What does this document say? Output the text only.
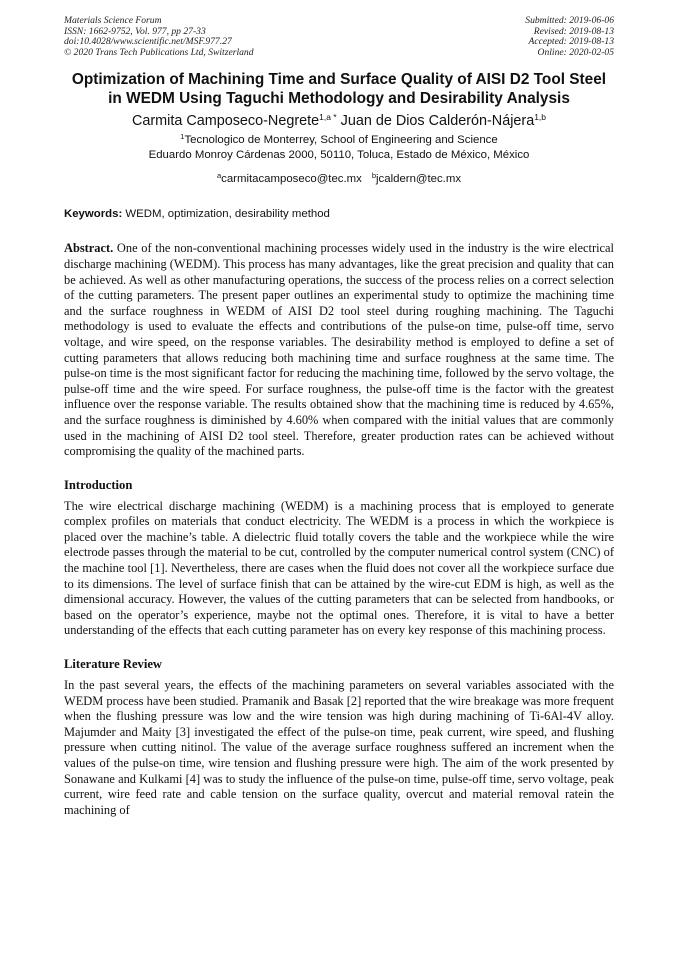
Materials Science Forum
ISSN: 1662-9752, Vol. 977, pp 27-33
doi:10.4028/www.scientific.net/MSF.977.27
© 2020 Trans Tech Publications Ltd, Switzerland
Submitted: 2019-06-06
Revised: 2019-08-13
Accepted: 2019-08-13
Online: 2020-02-05
Optimization of Machining Time and Surface Quality of AISI D2 Tool Steel in WEDM Using Taguchi Methodology and Desirability Analysis
Carmita Camposeco-Negrete$^{1,a *}$ Juan de Dios Calderón-Nájera$^{1,b}$
$^1$Tecnologico de Monterrey, School of Engineering and Science
Eduardo Monroy Cárdenas 2000, 50110, Toluca, Estado de México, México
$^a$carmitacamposeco@tec.mx $^b$jcaldern@tec.mx
Keywords: WEDM, optimization, desirability method
Abstract. One of the non-conventional machining processes widely used in the industry is the wire electrical discharge machining (WEDM). This process has many advantages, like the great precision and quality that can be achieved. As well as other manufacturing operations, the success of the process relies on a correct selection of the cutting parameters. The present paper outlines an experimental study to optimize the machining time and the surface roughness in WEDM of AISI D2 tool steel during roughing machining. The Taguchi methodology is used to evaluate the effects and contributions of the pulse-on time, pulse-off time, servo voltage, and wire speed, on the response variables. The desirability method is employed to define a set of cutting parameters that allows reducing both machining time and surface roughness at the same time. The pulse-on time is the most significant factor for reducing the machining time, followed by the servo voltage, the pulse-off time and the wire speed. For surface roughness, the pulse-off time is the factor with the greatest influence over the response variable. The results obtained show that the machining time is reduced by 4.65%, and the surface roughness is diminished by 4.60% when compared with the initial values that are commonly used in the machining of AISI D2 tool steel. Therefore, greater production rates can be achieved without compromising the quality of the machined parts.
Introduction

The wire electrical discharge machining (WEDM) is a machining process that is employed to generate complex profiles on materials that conduct electricity. The WEDM is a process in which the workpiece is placed over the machine’s table. A dielectric fluid totally covers the table and the workpiece while the wire electrode passes through the material to be cut, controlled by the computer numerical control system (CNC) of the machine tool [1]. Nevertheless, there are cases when the fluid does not cover all the workpiece surface due to its dimensions. The level of surface finish that can be attained by the wire-cut EDM is high, as well as the dimensional accuracy. However, the values of the cutting parameters that can be selected from handbooks, or based on the operator’s experience, maybe not the optimal ones. Therefore, it is vital to have a better understanding of the effects that each cutting parameter has on every key response of this machining process.

Literature Review

In the past several years, the effects of the machining parameters on several variables associated with the WEDM process have been studied. Pramanik and Basak [2] reported that the wire breakage was more frequent when the flushing pressure was low and the wire tension was high during machining of Ti-6Al-4V alloy. Majumder and Maity [3] investigated the effect of the pulse-on time, peak current, wire speed, and flushing pressure when cutting nitinol. The value of the average surface roughness suffered an increment when the values of the pulse-on time, wire tension and flushing pressure were high. The aim of the work presented by Sonawane and Kulkami [4] was to study the influence of the pulse-on time, pulse-off time, servo voltage, peak current, wire feed rate and cable tension on the surface quality, overcut and material removal ratein the machining of
